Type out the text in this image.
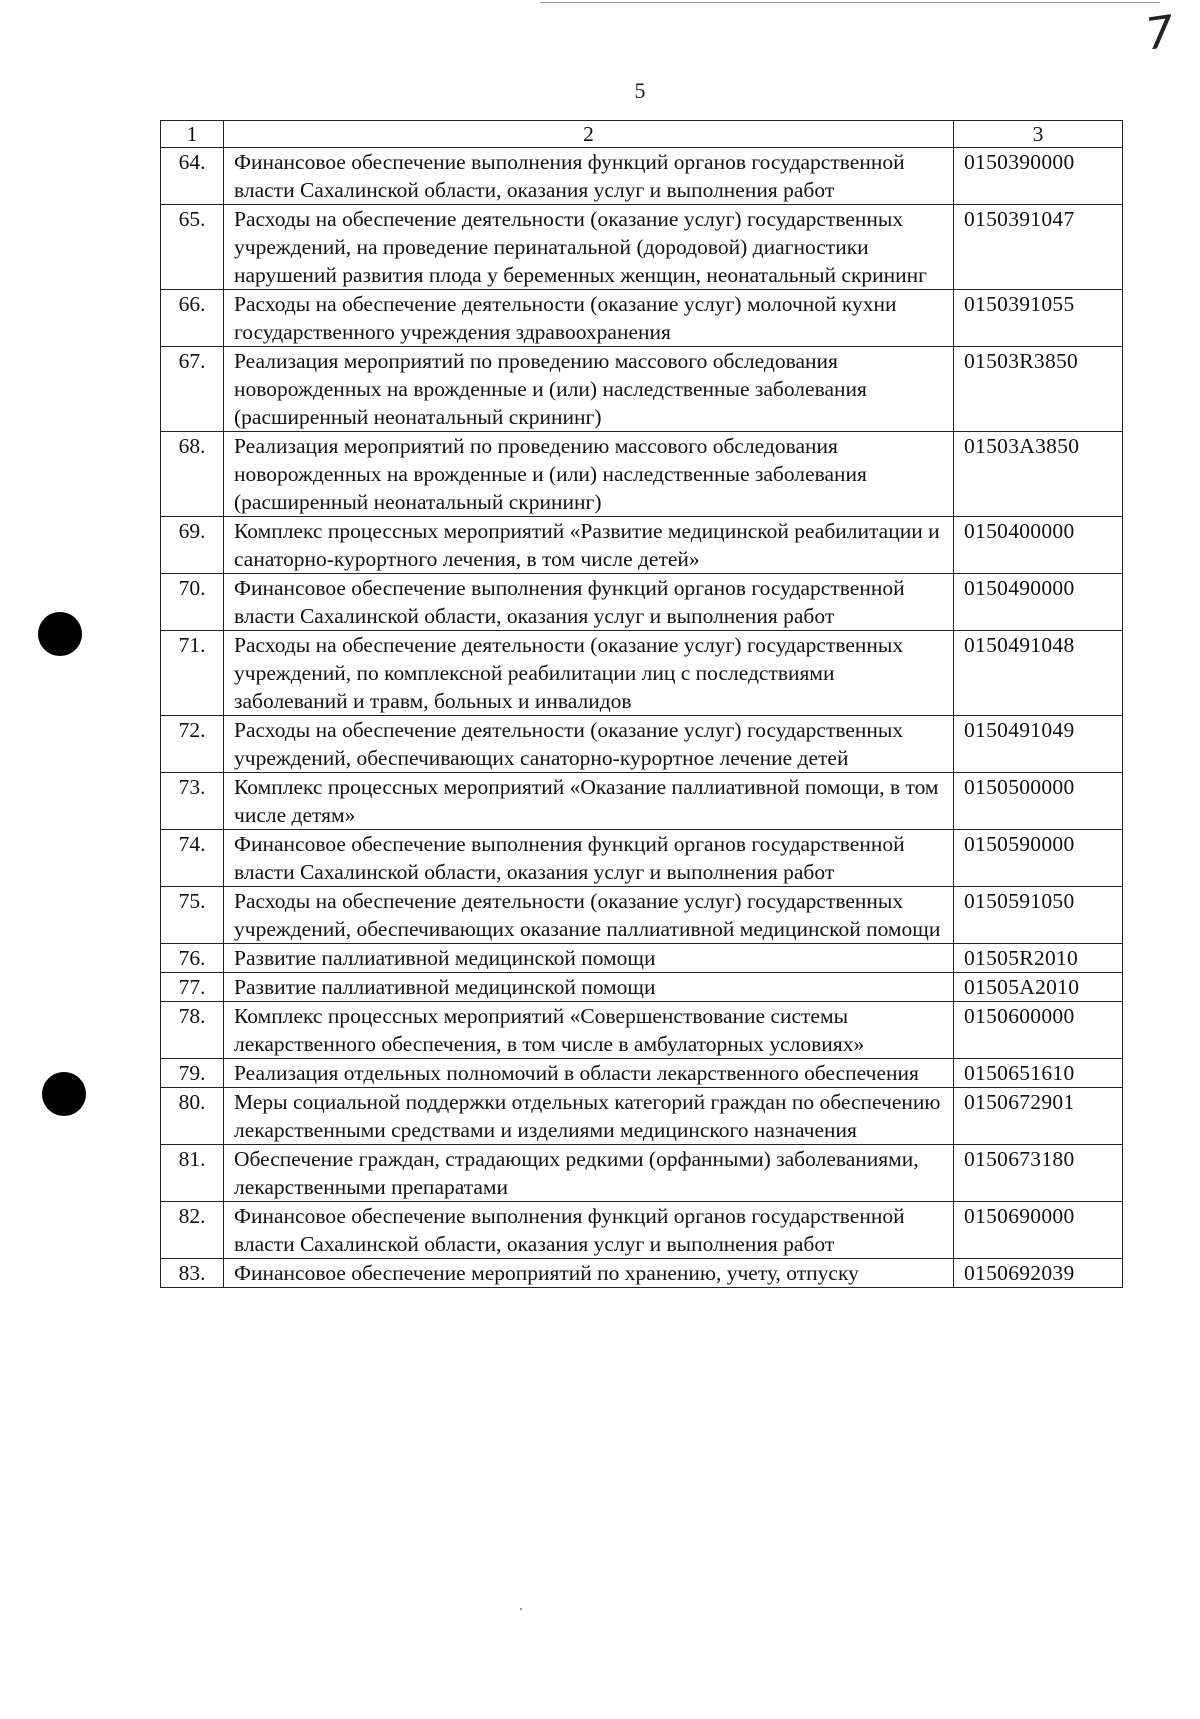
7
5
1	2	3
64.	Финансовое обеспечение выполнения функций органов государственной власти Сахалинской области, оказания услуг и выполнения работ	0150390000
65.	Расходы на обеспечение деятельности (оказание услуг) государственных учреждений, на проведение перинатальной (дородовой) диагностики нарушений развития плода у беременных женщин, неонатальный скрининг	0150391047
66.	Расходы на обеспечение деятельности (оказание услуг) молочной кухни государственного учреждения здравоохранения	0150391055
67.	Реализация мероприятий по проведению массового обследования новорожденных на врожденные и (или) наследственные заболевания (расширенный неонатальный скрининг)	01503R3850
68.	Реализация мероприятий по проведению массового обследования новорожденных на врожденные и (или) наследственные заболевания (расширенный неонатальный скрининг)	01503A3850
69.	Комплекс процессных мероприятий «Развитие медицинской реабилитации и санаторно-курортного лечения, в том числе детей»	0150400000
70.	Финансовое обеспечение выполнения функций органов государственной власти Сахалинской области, оказания услуг и выполнения работ	0150490000
71.	Расходы на обеспечение деятельности (оказание услуг) государственных учреждений, по комплексной реабилитации лиц с последствиями заболеваний и травм, больных и инвалидов	0150491048
72.	Расходы на обеспечение деятельности (оказание услуг) государственных учреждений, обеспечивающих санаторно-курортное лечение детей	0150491049
73.	Комплекс процессных мероприятий «Оказание паллиативной помощи, в том числе детям»	0150500000
74.	Финансовое обеспечение выполнения функций органов государственной власти Сахалинской области, оказания услуг и выполнения работ	0150590000
75.	Расходы на обеспечение деятельности (оказание услуг) государственных учреждений, обеспечивающих оказание паллиативной медицинской помощи	0150591050
76.	Развитие паллиативной медицинской помощи	01505R2010
77.	Развитие паллиативной медицинской помощи	01505A2010
78.	Комплекс процессных мероприятий «Совершенствование системы лекарственного обеспечения, в том числе в амбулаторных условиях»	0150600000
79.	Реализация отдельных полномочий в области лекарственного обеспечения	0150651610
80.	Меры социальной поддержки отдельных категорий граждан по обеспечению лекарственными средствами и изделиями медицинского назначения	0150672901
81.	Обеспечение граждан, страдающих редкими (орфанными) заболеваниями, лекарственными препаратами	0150673180
82.	Финансовое обеспечение выполнения функций органов государственной власти Сахалинской области, оказания услуг и выполнения работ	0150690000
83.	Финансовое обеспечение мероприятий по хранению, учету, отпуску	0150692039
